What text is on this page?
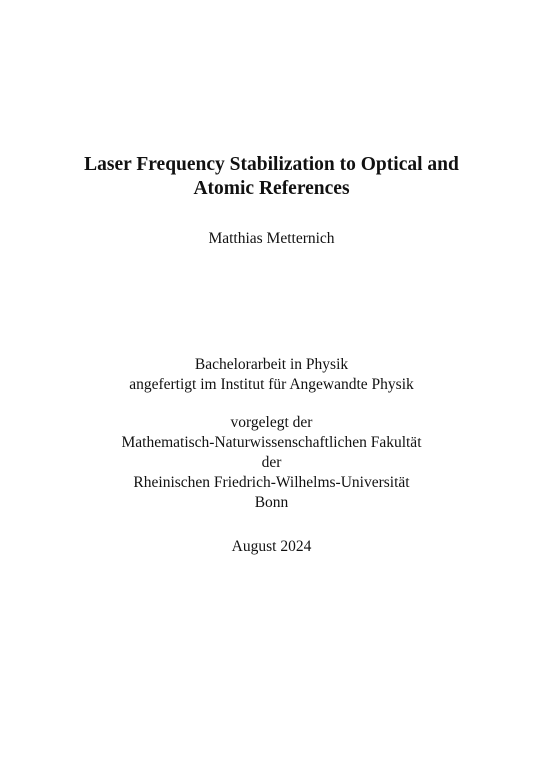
Laser Frequency Stabilization to Optical and
Atomic References
Matthias Metternich
Bachelorarbeit in Physik
angefertigt im Institut für Angewandte Physik
vorgelegt der
Mathematisch-Naturwissenschaftlichen Fakultät
der
Rheinischen Friedrich-Wilhelms-Universität
Bonn
August 2024
